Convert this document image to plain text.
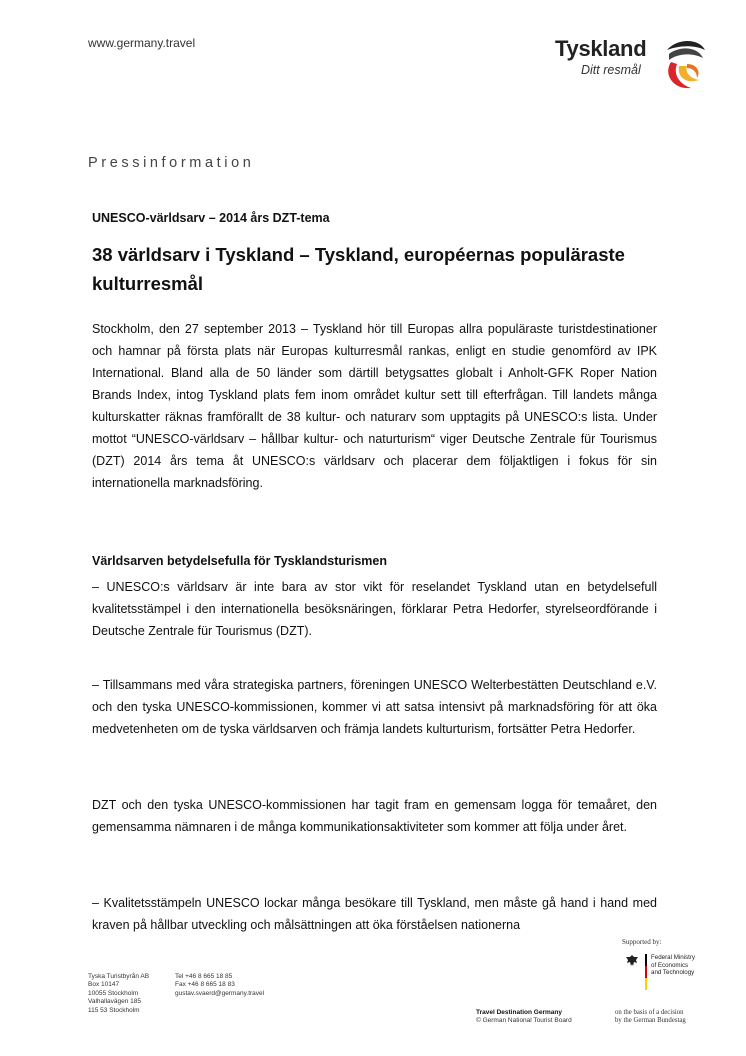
www.germany.travel	Tyskland
Ditt resmål
Pressinformation
UNESCO-världsarv – 2014 års DZT-tema
38 världsarv i Tyskland – Tyskland, européernas populäraste kulturresmål

Stockholm, den 27 september 2013 – Tyskland hör till Europas allra populäraste turistdestinationer och hamnar på första plats när Europas kulturresmål rankas, enligt en studie genomförd av IPK International. Bland alla de 50 länder som därtill betygsattes globalt i Anholt-GFK Roper Nation Brands Index, intog Tyskland plats fem inom området kultur sett till efterfrågan. Till landets många kulturskatter räknas framförallt de 38 kultur- och naturarv som upptagits på UNESCO:s lista. Under mottot “UNESCO-världsarv – hållbar kultur- och naturturism“ viger Deutsche Zentrale für Tourismus (DZT) 2014 års tema åt UNESCO:s världsarv och placerar dem följaktligen i fokus för sin internationella marknadsföring.

Världsarven betydelsefulla för Tysklandsturismen

– UNESCO:s världsarv är inte bara av stor vikt för reselandet Tyskland utan en betydelsefull kvalitetsstämpel i den internationella besöksnäringen, förklarar Petra Hedorfer, styrelseordförande i Deutsche Zentrale für Tourismus (DZT).

– Tillsammans med våra strategiska partners, föreningen UNESCO Welterbestätten Deutschland e.V. och den tyska UNESCO-kommissionen, kommer vi att satsa intensivt på marknadsföring för att öka medvetenheten om de tyska världsarven och främja landets kulturturism, fortsätter Petra Hedorfer.

DZT och den tyska UNESCO-kommissionen har tagit fram en gemensam logga för temaåret, den gemensamma nämnaren i de många kommunikationsaktiviteter som kommer att följa under året.

– Kvalitetsstämpeln UNESCO lockar många besökare till Tyskland, men måste gå hand i hand med kraven på hållbar utveckling och målsättningen att öka förståelsen nationerna

Supported by:
Federal Ministry
of Economics
and Technology
Tyska Turistbyrån AB
Box 10147
10055 Stockholm
Valhallavägen 185
115 53 Stockholm
Tel +46 8 665 18 85
Fax +46 8 665 18 83
gustav.svaerd@germany.travel
Travel Destination Germany
© German National Tourist Board
on the basis of a decision
by the German Bundestag
